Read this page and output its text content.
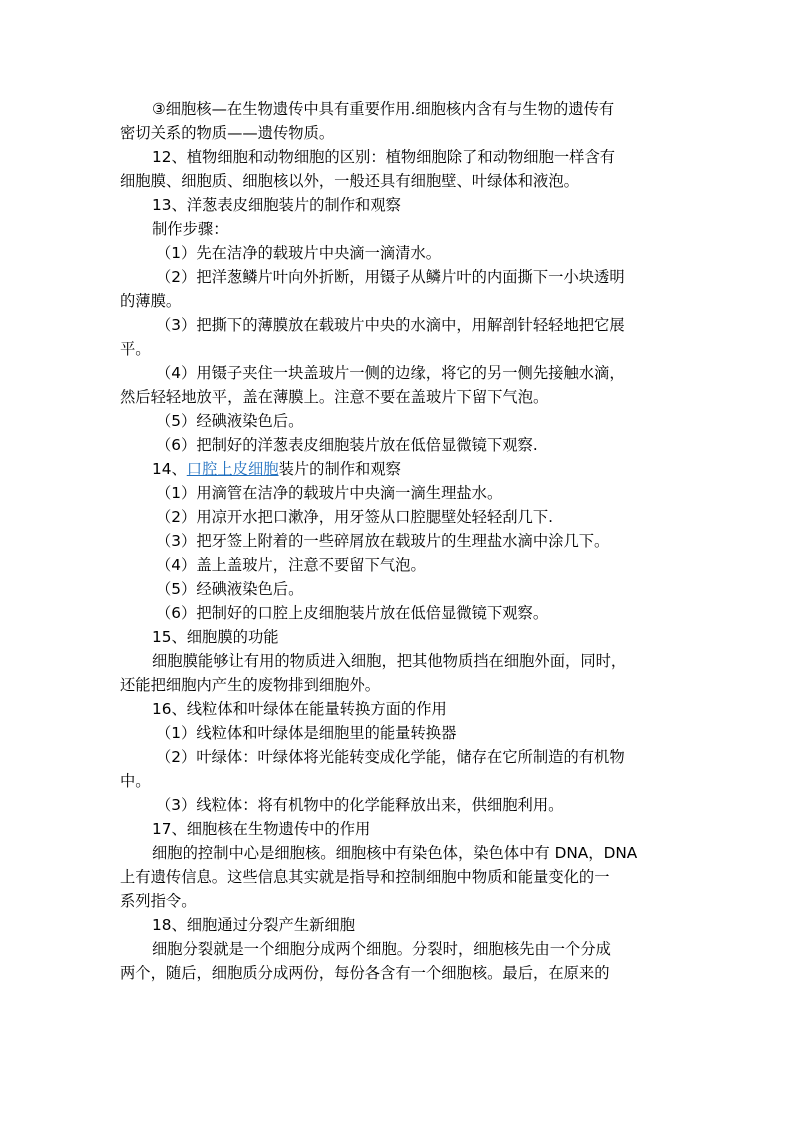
③细胞核—在生物遗传中具有重要作用.细胞核内含有与生物的遗传有
密切关系的物质——遗传物质。
12、植物细胞和动物细胞的区别：植物细胞除了和动物细胞一样含有
细胞膜、细胞质、细胞核以外，一般还具有细胞壁、叶绿体和液泡。
13、洋葱表皮细胞装片的制作和观察
制作步骤：
（1）先在洁净的载玻片中央滴一滴清水。
（2）把洋葱鳞片叶向外折断，用镊子从鳞片叶的内面撕下一小块透明
的薄膜。
（3）把撕下的薄膜放在载玻片中央的水滴中，用解剖针轻轻地把它展
平。
（4）用镊子夹住一块盖玻片一侧的边缘，将它的另一侧先接触水滴，
然后轻轻地放平，盖在薄膜上。注意不要在盖玻片下留下气泡。
（5）经碘液染色后。
（6）把制好的洋葱表皮细胞装片放在低倍显微镜下观察.
14、口腔上皮细胞装片的制作和观察
（1）用滴管在洁净的载玻片中央滴一滴生理盐水。
（2）用凉开水把口漱净，用牙签从口腔腮壁处轻轻刮几下.
（3）把牙签上附着的一些碎屑放在载玻片的生理盐水滴中涂几下。
（4）盖上盖玻片，注意不要留下气泡。
（5）经碘液染色后。
（6）把制好的口腔上皮细胞装片放在低倍显微镜下观察。
15、细胞膜的功能
细胞膜能够让有用的物质进入细胞，把其他物质挡在细胞外面，同时，
还能把细胞内产生的废物排到细胞外。
16、线粒体和叶绿体在能量转换方面的作用
（1）线粒体和叶绿体是细胞里的能量转换器
（2）叶绿体：叶绿体将光能转变成化学能，储存在它所制造的有机物
中。
（3）线粒体：将有机物中的化学能释放出来，供细胞利用。
17、细胞核在生物遗传中的作用
细胞的控制中心是细胞核。细胞核中有染色体，染色体中有 DNA，DNA
上有遗传信息。这些信息其实就是指导和控制细胞中物质和能量变化的一
系列指令。
18、细胞通过分裂产生新细胞
细胞分裂就是一个细胞分成两个细胞。分裂时，细胞核先由一个分成
两个，随后，细胞质分成两份，每份各含有一个细胞核。最后，在原来的
